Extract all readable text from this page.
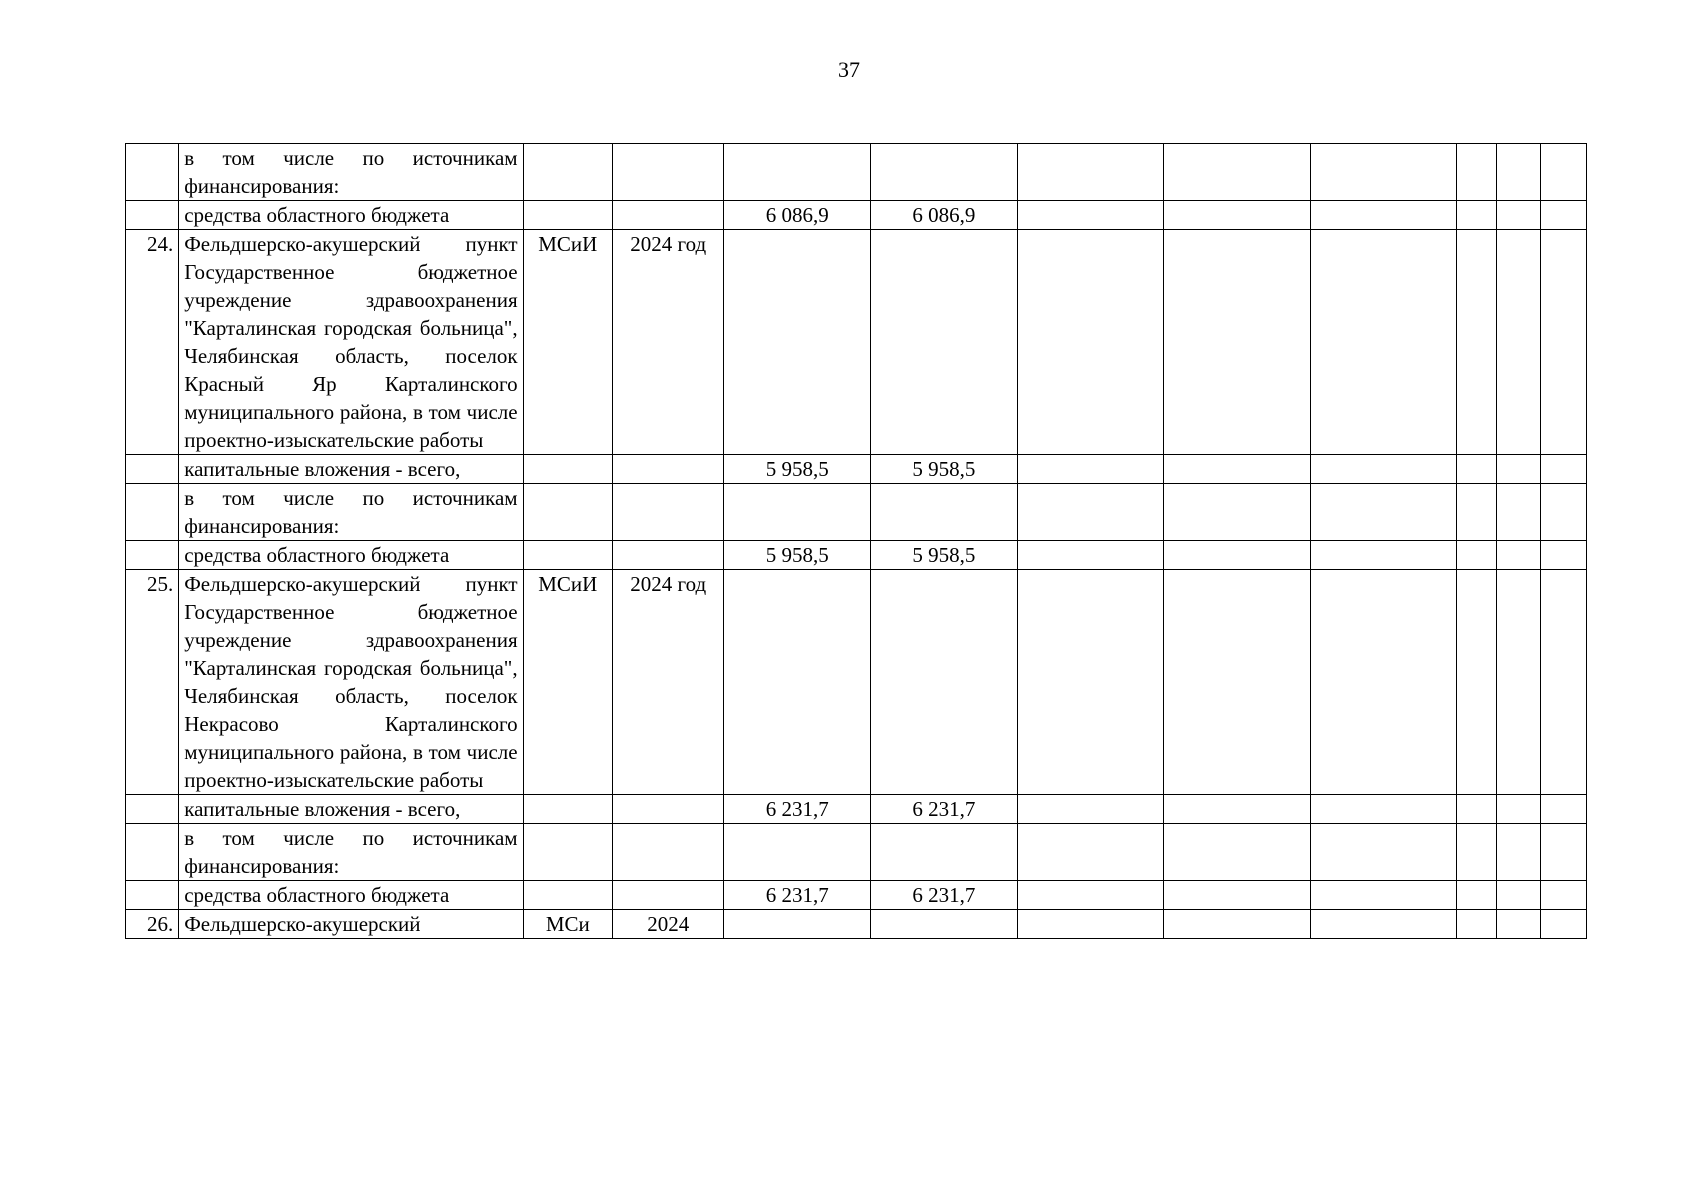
37
	в том числе по источникам финансирования:										
	средства областного бюджета			6 086,9	6 086,9						
24.	Фельдшерско-акушерский пункт Государственное бюджетное учреждение здравоохранения "Карталинская городская больница", Челябинская область, поселок Красный Яр Карталинского муниципального района, в том числе проектно-изыскательские работы	МСиИ	2024 год								
	капитальные вложения - всего,			5 958,5	5 958,5						
	в том числе по источникам финансирования:										
	средства областного бюджета			5 958,5	5 958,5						
25.	Фельдшерско-акушерский пункт Государственное бюджетное учреждение здравоохранения "Карталинская городская больница", Челябинская область, поселок Некрасово Карталинского муниципального района, в том числе проектно-изыскательские работы	МСиИ	2024 год								
	капитальные вложения - всего,			6 231,7	6 231,7						
	в том числе по источникам финансирования:										
	средства областного бюджета			6 231,7	6 231,7						
26.	Фельдшерско-акушерский	МСи	2024								
